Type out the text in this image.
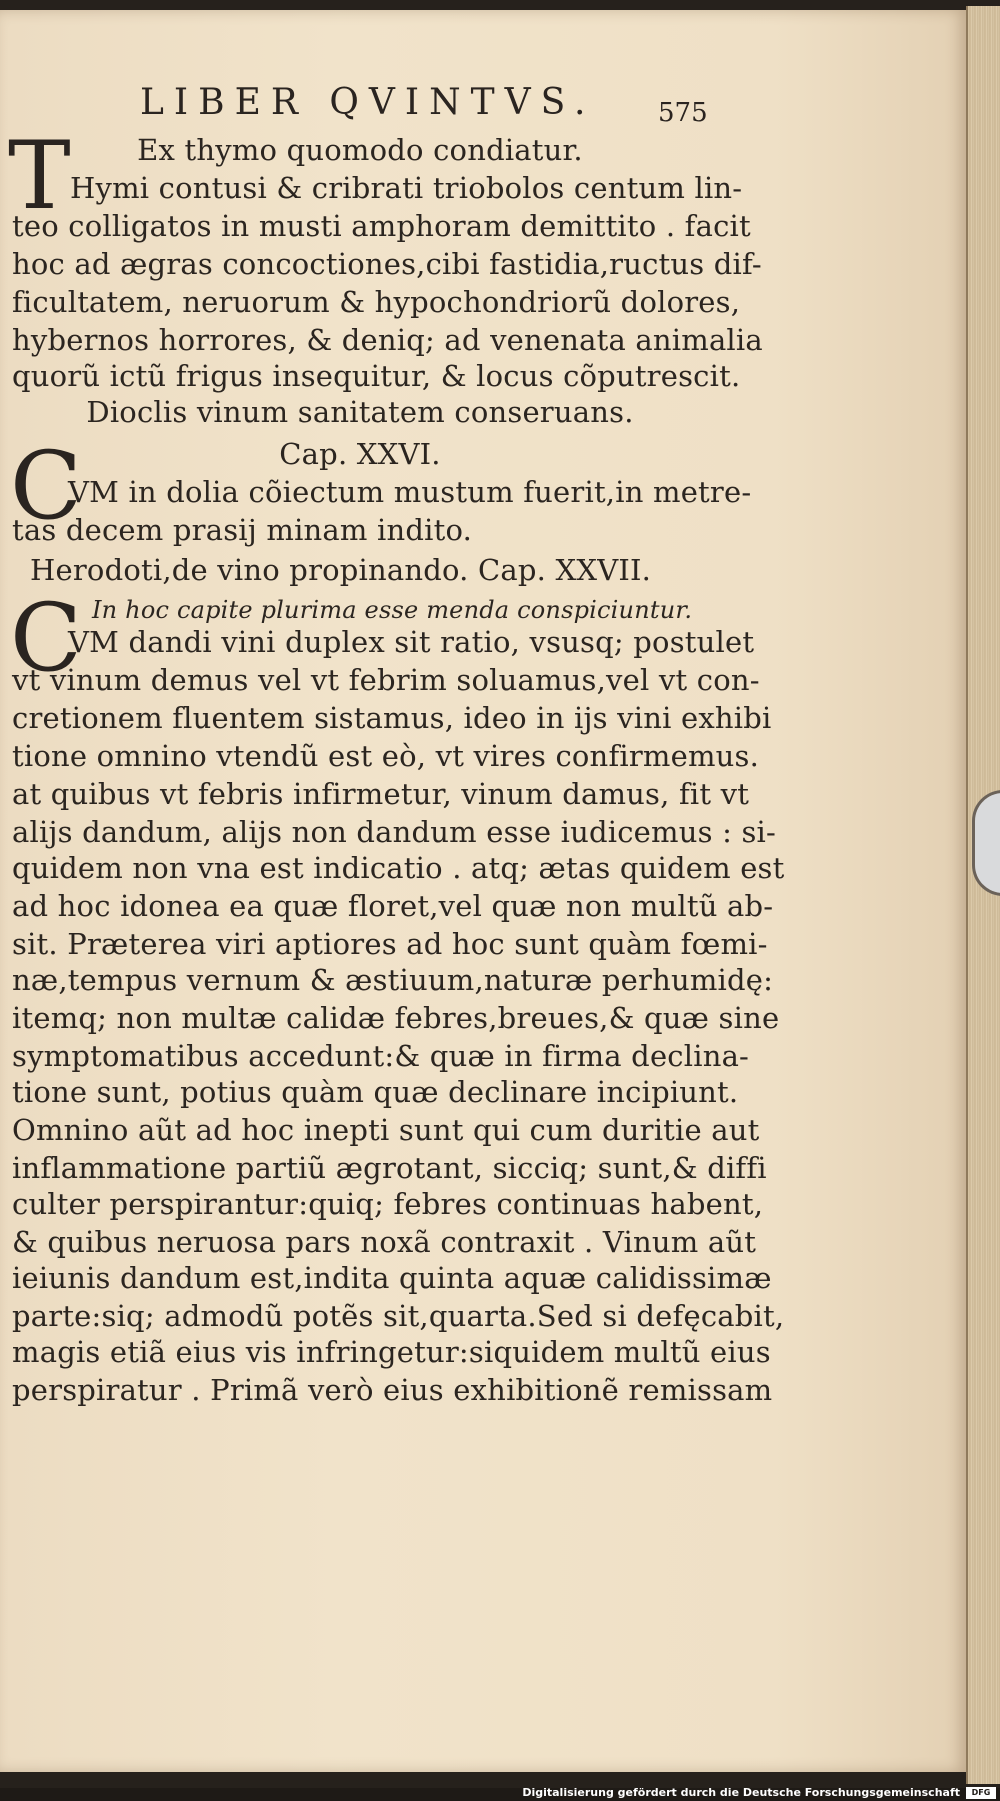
LIBER QVINTVS. 575
T
C
C
Ex thymo quomodo condiatur.
Hymi contusi & cribrati triobolos centum lin-
teo colligatos in musti amphoram demittito . facit
hoc ad ægras concoctiones,cibi fastidia,ructus dif-
ficultatem, neruorum & hypochondriorũ dolores,
hybernos horrores, & deniq; ad venenata animalia
quorũ ictũ frigus insequitur, & locus cõputrescit.
Dioclis vinum sanitatem conseruans.
Cap. XXVI.
VM in dolia cõiectum mustum fuerit,in metre-
tas decem prasij minam indito.
Herodoti,de vino propinando. Cap. XXVII.
In hoc capite plurima esse menda conspiciuntur.
VM dandi vini duplex sit ratio, vsusq; postulet
vt vinum demus vel vt febrim soluamus,vel vt con-
cretionem fluentem sistamus, ideo in ijs vini exhibi
tione omnino vtendũ est eò, vt vires confirmemus.
at quibus vt febris infirmetur, vinum damus, fit vt
alijs dandum, alijs non dandum esse iudicemus : si-
quidem non vna est indicatio . atq; ætas quidem est
ad hoc idonea ea quæ floret,vel quæ non multũ ab-
sit. Præterea viri aptiores ad hoc sunt quàm fœmi-
næ,tempus vernum & æstiuum,naturæ perhumidę:
itemq; non multæ calidæ febres,breues,& quæ sine
symptomatibus accedunt:& quæ in firma declina-
tione sunt, potius quàm quæ declinare incipiunt.
Omnino aũt ad hoc inepti sunt qui cum duritie aut
inflammatione partiũ ægrotant, sicciq; sunt,& diffi
culter perspirantur:quiq; febres continuas habent,
& quibus neruosa pars noxã contraxit . Vinum aũt
ieiunis dandum est,indita quinta aquæ calidissimæ
parte:siq; admodũ potẽs sit,quarta.Sed si defęcabit,
magis etiã eius vis infringetur:siquidem multũ eius
perspiratur . Primã verò eius exhibitionẽ remissam
Digitalisierung gefördert durch die Deutsche Forschungsgemeinschaft	DFG
